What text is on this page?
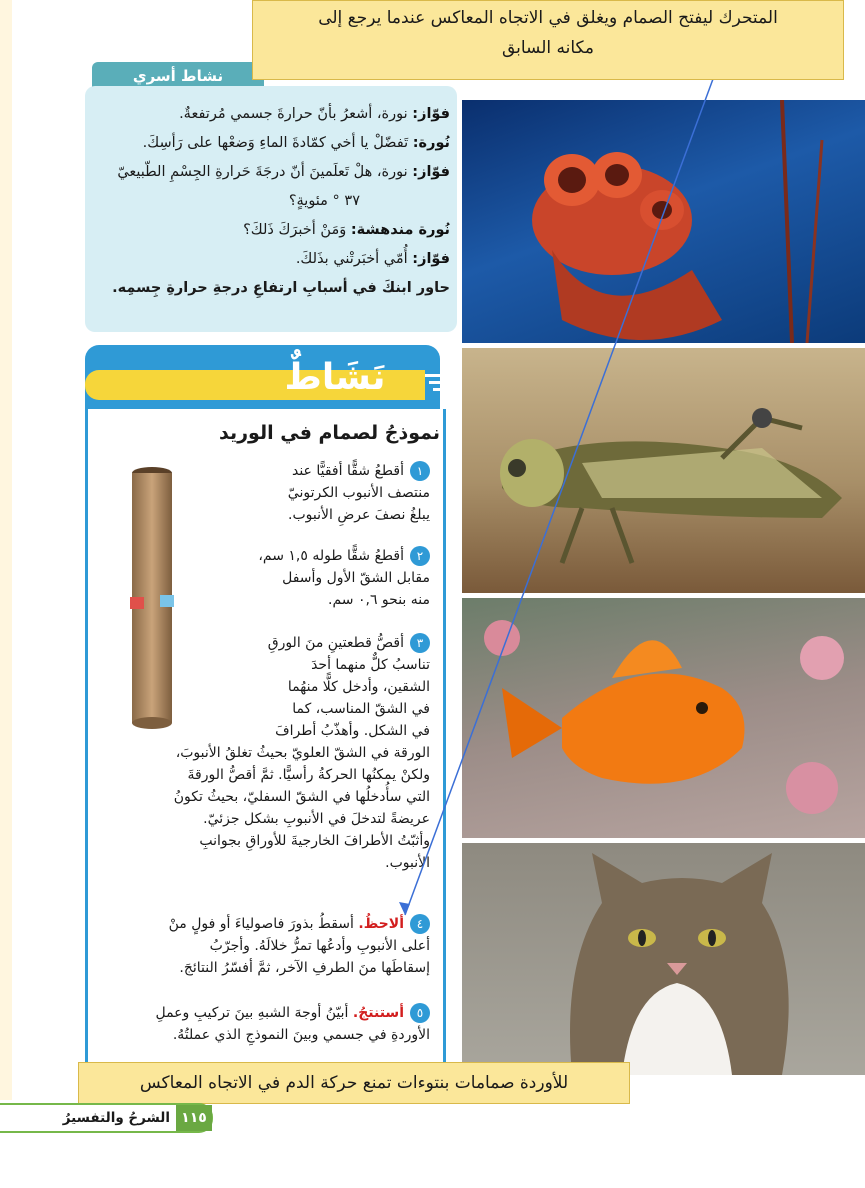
نشاط أسري
فوّاز: نورة، أشعرُ بأنّ حرارةَ جسمي مُرتفعةٌ.
نُورة: تَفضّلْ يا أخي كمّادةَ الماءِ وَضعْها على رَأسِكَ.
فوّاز: نورة، هلْ تَعلَمينَ أنّ درجَةَ حَرارةِ الجِسْمِ الطّبيعيّ
٣٧ ° مئويةٍ؟
نُورة مندهشة: وَمَنْ أخبرَكَ ذَلكَ؟
فوّاز: أُمّي أخبَرتْني بذَلكَ.
حاور ابنكَ في أسبابِ ارتفاعِ درجةِ حرارةِ جِسمِه.
نَشَاطٌ
نموذجُ لصمام في الوريد
١أقطعُ شقًّا أفقيًّا عند
منتصف الأنبوب الكرتونيّ
يبلغُ نصفَ عرضِ الأنبوب.
٢أقطعُ شقًّا طوله ١,٥ سم،
مقابل الشقّ الأول وأسفل
منه بنحو ٠,٦ سم.
٣أقصُّ قطعتينِ منَ الورقِ
تناسبُ كلٌّ منهما أحدَ
الشقين، وأدخل كلًّا منهُما
في الشقّ المناسب، كما
في الشكل. وأهذّبُ أطرافَ
الورقة في الشقّ العلويّ بحيثُ تغلقُ الأنبوبَ،
ولكنْ يمكنُها الحركةُ رأسيًّا. ثمَّ أقصُّ الورقةَ
التي سأُدخلُها في الشقّ السفليّ، بحيثُ تكونُ
عريضةً لتدخلَ في الأنبوبِ بشكل جزئيّ.
وأثبّتُ الأطرافَ الخارجيةَ للأوراقِ بجوانبِ
الأنبوب.
٤ألاحظُ. أسقطُ بذورَ فاصولياءَ أو فولٍ منْ
أعلى الأنبوبِ وأدعُها تمرُّ خلالَهُ. وأجرّبُ
إسقاطَها منَ الطرفِ الآخر، ثمَّ أفسّرُ النتائجَ.
٥أستنتجُ. أبيّنُ أوجهَ الشبهِ بينَ تركيبِ وعملِ
الأوردةِ في جسمي وبينَ النموذجِ الذي عملتُهُ.
المتحرك ليفتح الصمام ويغلق في الاتجاه المعاكس عندما يرجع إلى
مكانه السابق
للأوردة صمامات بنتوءات تمنع حركة الدم في الاتجاه المعاكس
١١٥
الشرحُ والتفسيرُ
